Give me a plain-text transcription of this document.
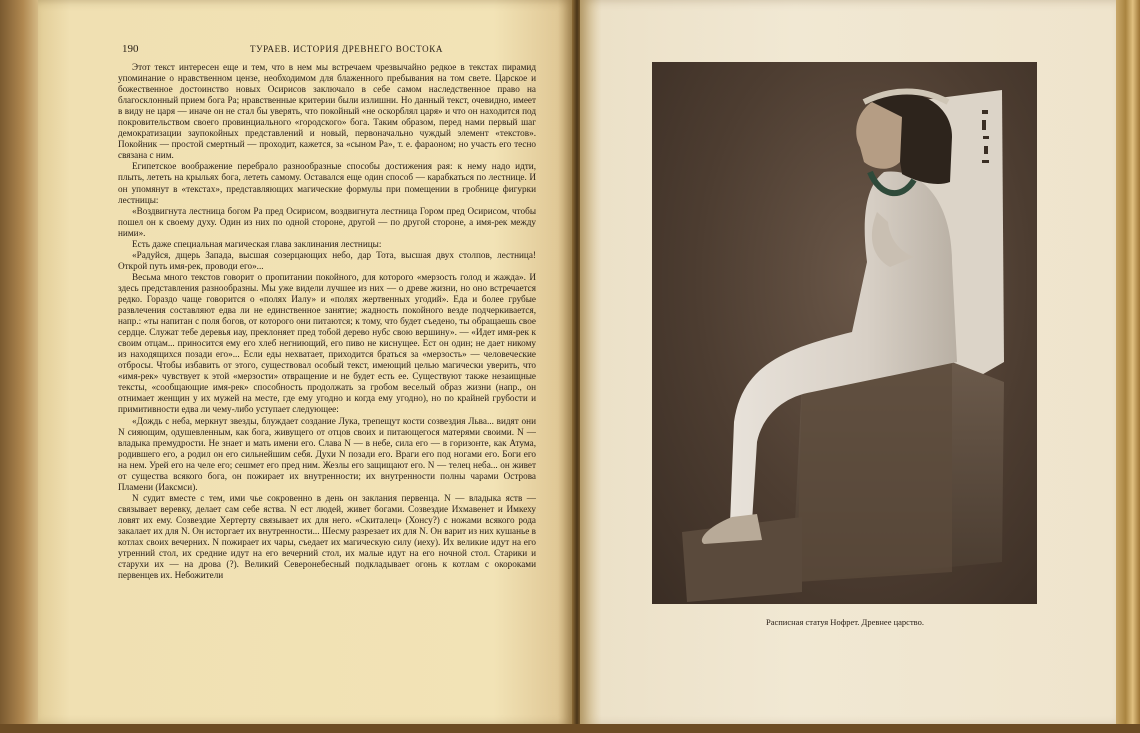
190	ТУРАЕВ. ИСТОРИЯ ДРЕВНЕГО ВОСТОКА

Этот текст интересен еще и тем, что в нем мы встречаем чрезвычайно редкое в текстах пирамид упоминание о нравственном цензе, необходимом для блаженного пребывания на том свете. Царское и божественное достоинство новых Осирисов заключало в себе самом наследственное право на благосклонный прием бога Ра; нравственные критерии были излишни. Но данный текст, очевидно, имеет в виду не царя — иначе он не стал бы уверять, что покойный «не оскорблял царя» и что он находится под покровительством своего провинциального «городского» бога. Таким образом, перед нами первый шаг демократизации заупокойных представлений и новый, первоначально чуждый элемент «текстов». Покойник — простой смертный — проходит, кажется, за «сыном Ра», т. е. фараоном; но участь его тесно связана с ним.

Египетское воображение перебрало разнообразные способы достижения рая: к нему надо идти, плыть, лететь на крыльях бога, лететь самому. Оставался еще один способ — карабкаться по лестнице. И он упомянут в «текстах», представляющих магические формулы при помещении в гробнице фигурки лестницы:

«Воздвигнута лестница богом Ра пред Осирисом, воздвигнута лестница Гором пред Осирисом, чтобы пошел он к своему духу. Один из них по одной стороне, другой — по другой стороне, а имя-рек между ними».

Есть даже специальная магическая глава заклинания лестницы:

«Радуйся, дщерь Запада, высшая созерцающих небо, дар Тота, высшая двух столпов, лестница! Открой путь имя-рек, проводи его»...

Весьма много текстов говорит о пропитании покойного, для которого «мерзость голод и жажда». И здесь представления разнообразны. Мы уже видели лучшее из них — о древе жизни, но оно встречается редко. Гораздо чаще говорится о «полях Иалу» и «полях жертвенных угодий». Еда и более грубые развлечения составляют едва ли не единственное занятие; жадность покойного везде подчеркивается, напр.: «ты напитан с поля богов, от которого они питаются; к тому, что будет съедено, ты обращаешь свое сердце. Служат тебе деревья иау, преклоняет пред тобой дерево нубс свою вершину». — «Идет имя-рек к своим отцам... приносится ему его хлеб негниющий, его пиво не киснущее. Ест он один; не дает никому из находящихся позади его»... Если еды нехватает, приходится браться за «мерзость» — человеческие отбросы. Чтобы избавить от этого, существовал особый текст, имеющий целью магически уверить, что «имя-рек» чувствует к этой «мерзости» отвращение и не будет есть ее. Существуют также незаищные тексты, «сообщающие имя-рек» способность продолжать за гробом веселый образ жизни (напр., он отнимает женщин у их мужей на месте, где ему угодно и когда ему угодно), но по крайней грубости и примитивности едва ли чему-либо уступает следующее:

«Дождь с неба, меркнут звезды, блуждает создание Лука, трепещут кости созвездия Льва... видят они N сияющим, одушевленным, как бога, живущего от отцов своих и питающегося матерями своими. N — владыка премудрости. Не знает и мать имени его. Слава N — в небе, сила его — в горизонте, как Атума, родившего его, а родил он его сильнейшим себя. Духи N позади его. Враги его под ногами его. Боги его на нем. Урей его на челе его; сешмет его пред ним. Жезлы его защищают его. N — телец неба... он живет от существа всякого бога, он пожирает их внутренности; их внутренности полны чарами Острова Пламени (Иаксмси).

N судит вместе с тем, ими чье сокровенно в день он заклания первенца. N — владыка яств — связывает веревку, делает сам себе яства. N ест людей, живет богами. Созвездие Ихмавенет и Имкеху ловят их ему. Созвездие Хертерту связывает их для него. «Скиталец» (Хонсу?) с ножами всякого рода закалает их для N. Он исторгает их внутренности... Шесму разрезает их для N. Он варит из них кушанье в котлах своих вечерних. N пожирает их чары, съедает их магическую силу (иеху). Их великие идут на его утренний стол, их средние идут на его вечерний стол, их малые идут на его ночной стол. Старики и старухи их — на дрова (?). Великий Северонебесный подкладывает огонь к котлам с окороками первенцев их. Небожители

Расписная статуя Нофрет. Древнее царство.
